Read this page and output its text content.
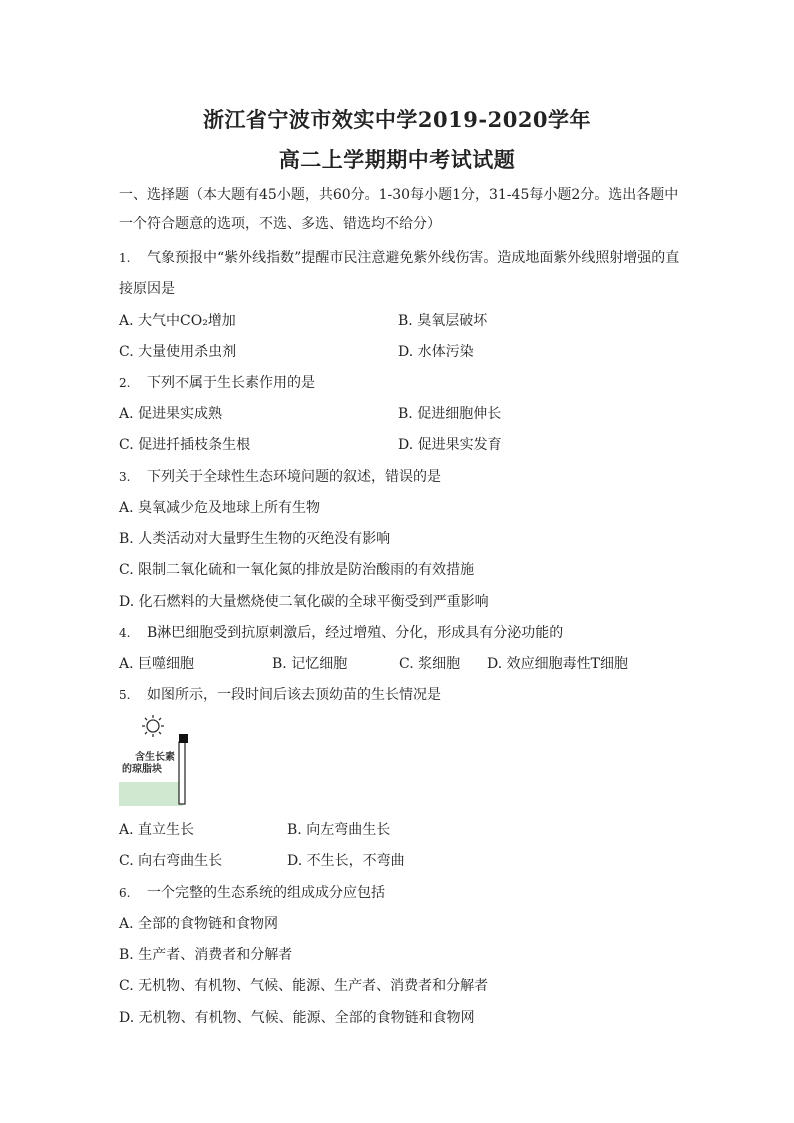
浙江省宁波市效实中学2019-2020学年
高二上学期期中考试试题
一、选择题（本大题有45小题，共60分。1-30每小题1分，31-45每小题2分。选出各题中一个符合题意的选项，不选、多选、错选均不给分）
1. 气象预报中“紫外线指数”提醒市民注意避免紫外线伤害。造成地面紫外线照射增强的直
接原因是
A. 大气中CO₂增加	B. 臭氧层破坏
C. 大量使用杀虫剂	D. 水体污染
2. 下列不属于生长素作用的是
A. 促进果实成熟	B. 促进细胞伸长
C. 促进扦插枝条生根	D. 促进果实发育
3. 下列关于全球性生态环境问题的叙述，错误的是
A. 臭氧减少危及地球上所有生物
B. 人类活动对大量野生生物的灭绝没有影响
C. 限制二氧化硫和一氧化氮的排放是防治酸雨的有效措施
D. 化石燃料的大量燃烧使二氧化碳的全球平衡受到严重影响
4. B淋巴细胞受到抗原刺激后，经过增殖、分化，形成具有分泌功能的
A. 巨噬细胞	B. 记忆细胞	C. 浆细胞 D. 效应细胞毒性T细胞
5. 如图所示，一段时间后该去顶幼苗的生长情况是
含生长素
的琼脂块
A. 直立生长	B. 向左弯曲生长
C. 向右弯曲生长	D. 不生长，不弯曲
6. 一个完整的生态系统的组成成分应包括
A. 全部的食物链和食物网
B. 生产者、消费者和分解者
C. 无机物、有机物、气候、能源、生产者、消费者和分解者
D. 无机物、有机物、气候、能源、全部的食物链和食物网
